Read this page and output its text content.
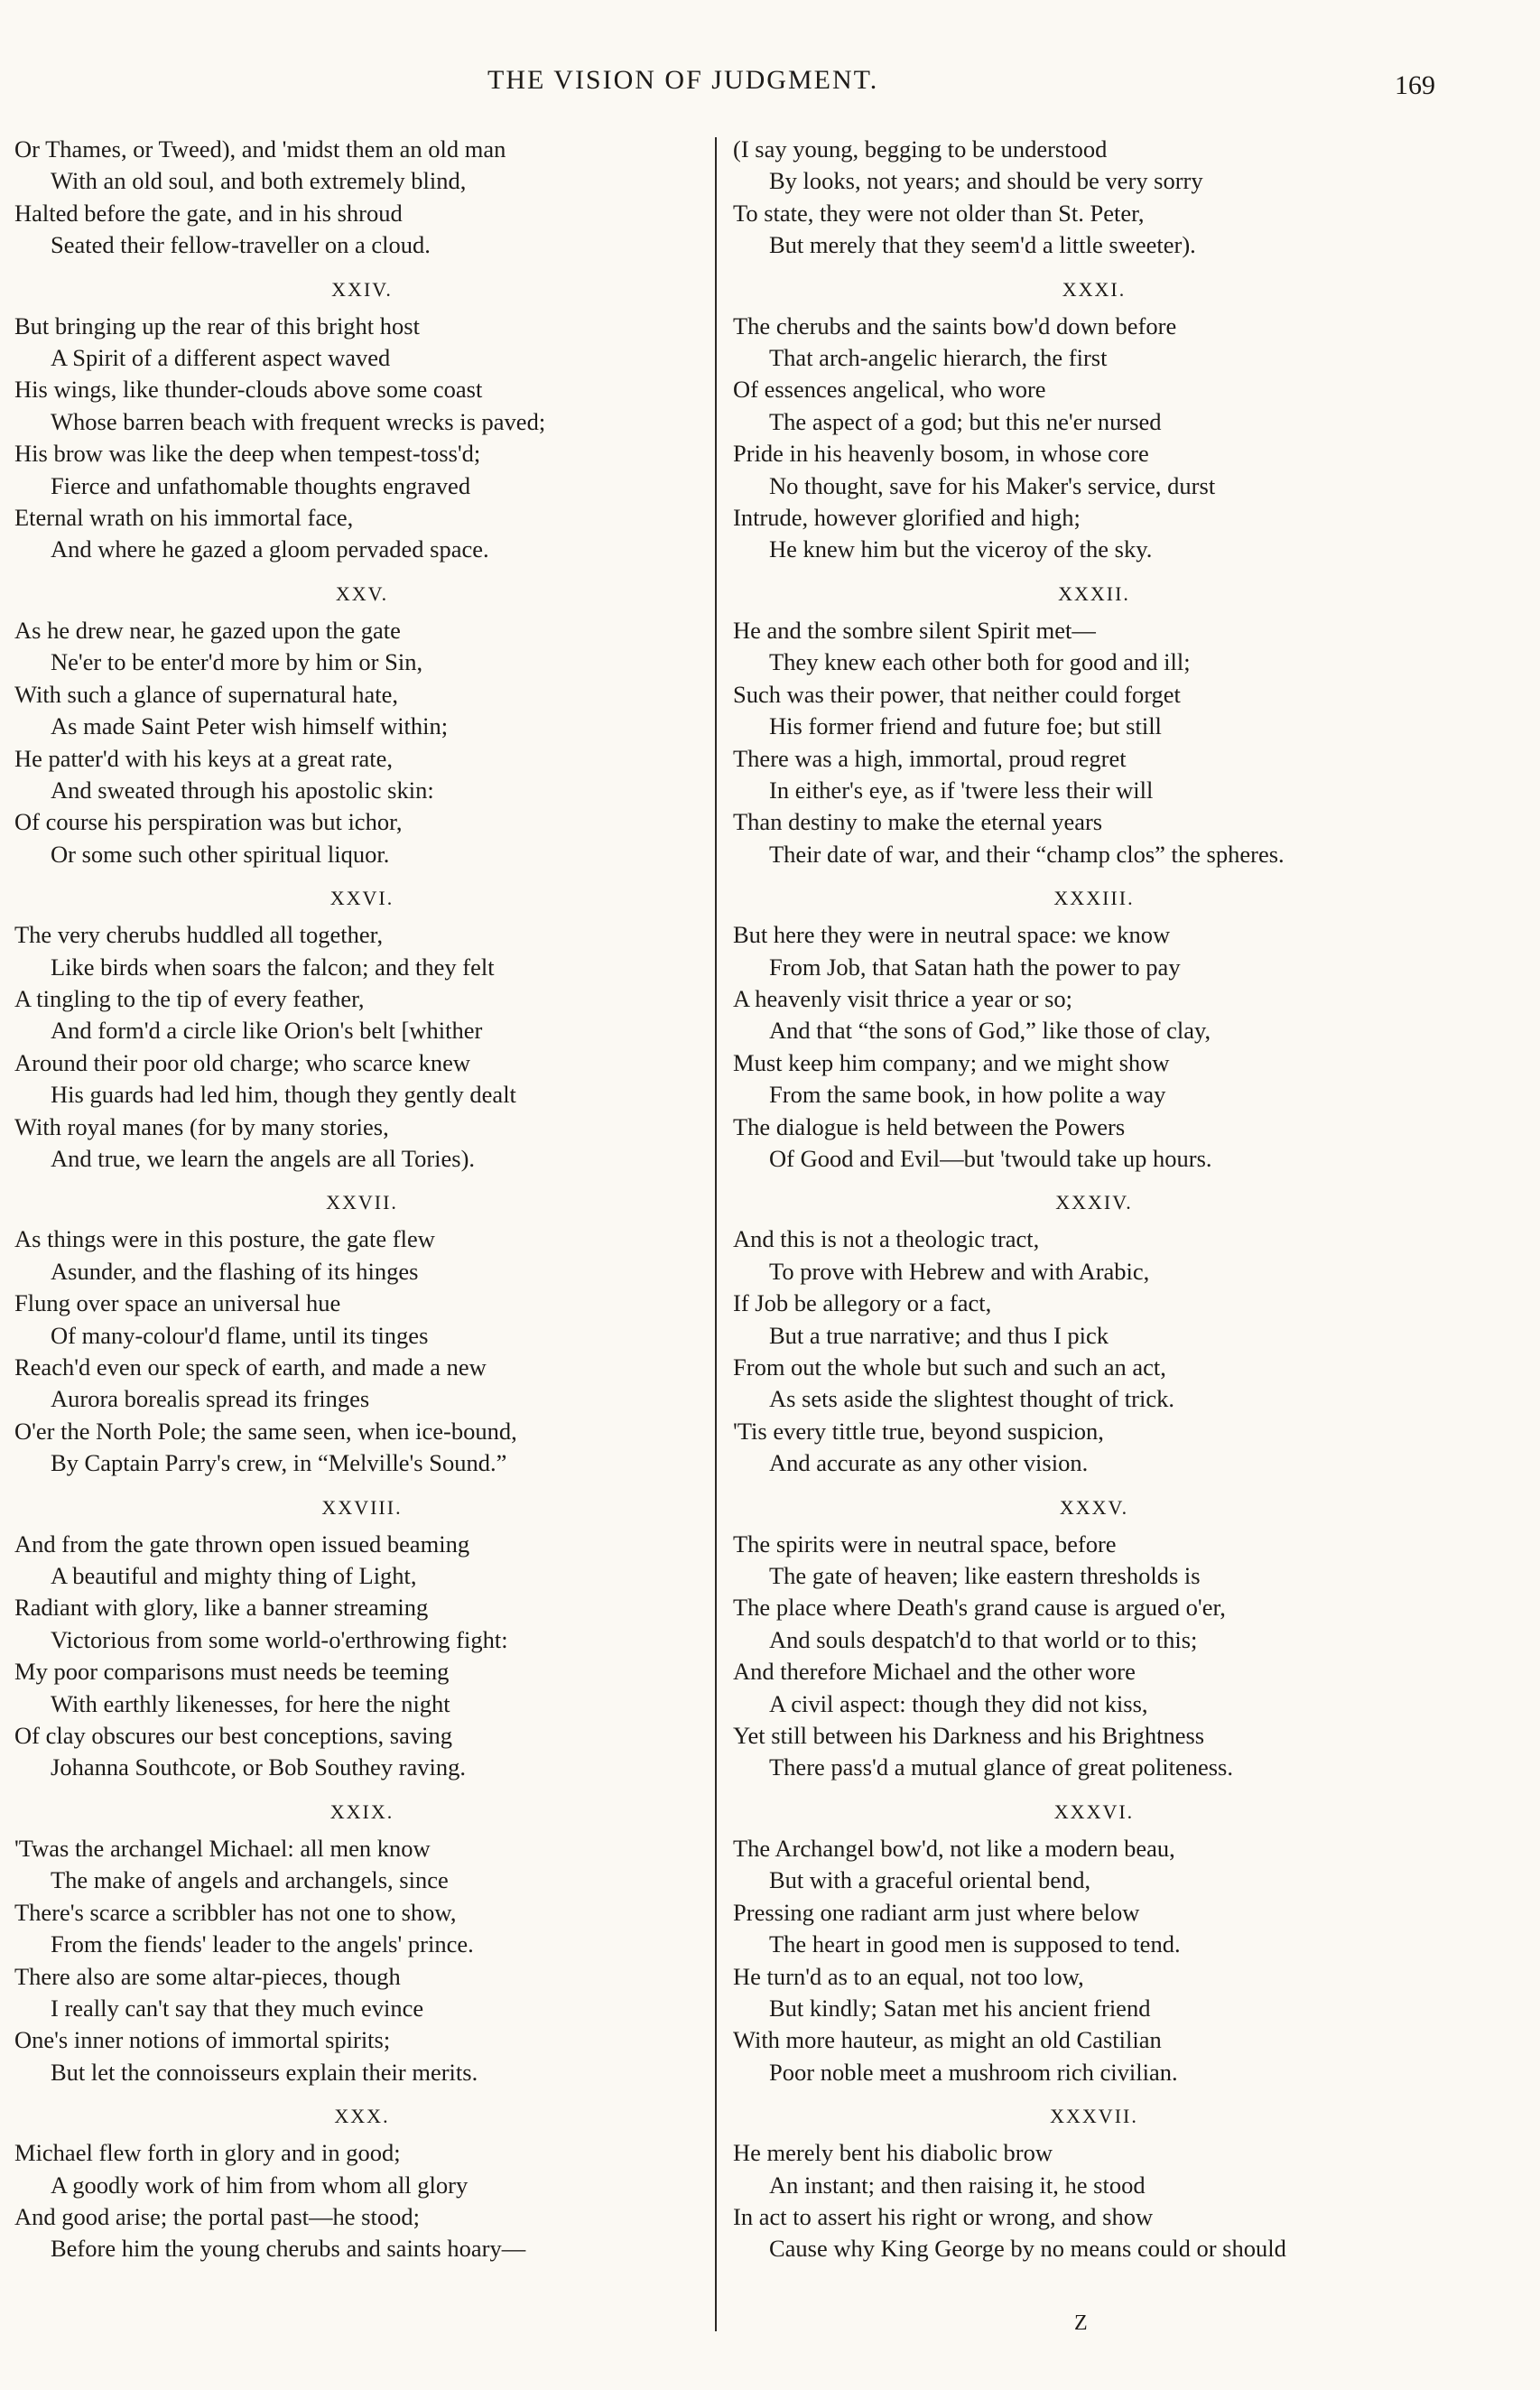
THE VISION OF JUDGMENT.	169
Or Thames, or Tweed), and 'midst them an old man
With an old soul, and both extremely blind,
Halted before the gate, and in his shroud
Seated their fellow-traveller on a cloud.
XXIV.
But bringing up the rear of this bright host
A Spirit of a different aspect waved
His wings, like thunder-clouds above some coast
Whose barren beach with frequent wrecks is paved;
His brow was like the deep when tempest-toss'd;
Fierce and unfathomable thoughts engraved
Eternal wrath on his immortal face,
And where he gazed a gloom pervaded space.
XXV.
As he drew near, he gazed upon the gate
Ne'er to be enter'd more by him or Sin,
With such a glance of supernatural hate,
As made Saint Peter wish himself within;
He patter'd with his keys at a great rate,
And sweated through his apostolic skin:
Of course his perspiration was but ichor,
Or some such other spiritual liquor.
XXVI.
The very cherubs huddled all together,
Like birds when soars the falcon; and they felt
A tingling to the tip of every feather,
And form'd a circle like Orion's belt [whither
Around their poor old charge; who scarce knew
His guards had led him, though they gently dealt
With royal manes (for by many stories,
And true, we learn the angels are all Tories).
XXVII.
As things were in this posture, the gate flew
Asunder, and the flashing of its hinges
Flung over space an universal hue
Of many-colour'd flame, until its tinges
Reach'd even our speck of earth, and made a new
Aurora borealis spread its fringes
O'er the North Pole; the same seen, when ice-bound,
By Captain Parry's crew, in “Melville's Sound.”
XXVIII.
And from the gate thrown open issued beaming
A beautiful and mighty thing of Light,
Radiant with glory, like a banner streaming
Victorious from some world-o'erthrowing fight:
My poor comparisons must needs be teeming
With earthly likenesses, for here the night
Of clay obscures our best conceptions, saving
Johanna Southcote, or Bob Southey raving.
XXIX.
'Twas the archangel Michael: all men know
The make of angels and archangels, since
There's scarce a scribbler has not one to show,
From the fiends' leader to the angels' prince.
There also are some altar-pieces, though
I really can't say that they much evince
One's inner notions of immortal spirits;
But let the connoisseurs explain their merits.
XXX.
Michael flew forth in glory and in good;
A goodly work of him from whom all glory
And good arise; the portal past—he stood;
Before him the young cherubs and saints hoary—
(I say young, begging to be understood
By looks, not years; and should be very sorry
To state, they were not older than St. Peter,
But merely that they seem'd a little sweeter).
XXXI.
The cherubs and the saints bow'd down before
That arch-angelic hierarch, the first
Of essences angelical, who wore
The aspect of a god; but this ne'er nursed
Pride in his heavenly bosom, in whose core
No thought, save for his Maker's service, durst
Intrude, however glorified and high;
He knew him but the viceroy of the sky.
XXXII.
He and the sombre silent Spirit met—
They knew each other both for good and ill;
Such was their power, that neither could forget
His former friend and future foe; but still
There was a high, immortal, proud regret
In either's eye, as if 'twere less their will
Than destiny to make the eternal years
Their date of war, and their “champ clos” the spheres.
XXXIII.
But here they were in neutral space: we know
From Job, that Satan hath the power to pay
A heavenly visit thrice a year or so;
And that “the sons of God,” like those of clay,
Must keep him company; and we might show
From the same book, in how polite a way
The dialogue is held between the Powers
Of Good and Evil—but 'twould take up hours.
XXXIV.
And this is not a theologic tract,
To prove with Hebrew and with Arabic,
If Job be allegory or a fact,
But a true narrative; and thus I pick
From out the whole but such and such an act,
As sets aside the slightest thought of trick.
'Tis every tittle true, beyond suspicion,
And accurate as any other vision.
XXXV.
The spirits were in neutral space, before
The gate of heaven; like eastern thresholds is
The place where Death's grand cause is argued o'er,
And souls despatch'd to that world or to this;
And therefore Michael and the other wore
A civil aspect: though they did not kiss,
Yet still between his Darkness and his Brightness
There pass'd a mutual glance of great politeness.
XXXVI.
The Archangel bow'd, not like a modern beau,
But with a graceful oriental bend,
Pressing one radiant arm just where below
The heart in good men is supposed to tend.
He turn'd as to an equal, not too low,
But kindly; Satan met his ancient friend
With more hauteur, as might an old Castilian
Poor noble meet a mushroom rich civilian.
XXXVII.
He merely bent his diabolic brow
An instant; and then raising it, he stood
In act to assert his right or wrong, and show
Cause why King George by no means could or should
Z
